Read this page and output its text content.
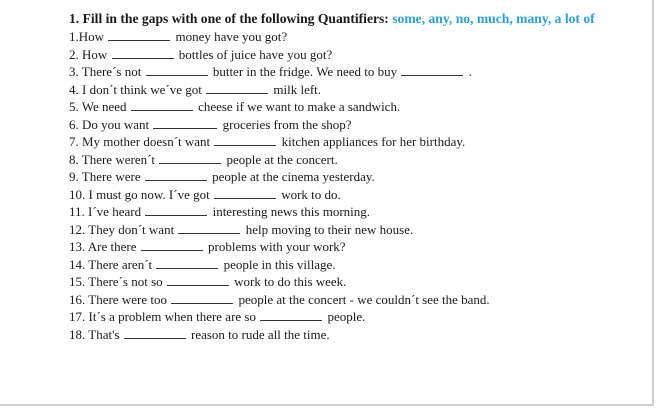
1. Fill in the gaps with one of the following Quantifiers: some, any, no, much, many, a lot of
1.How	money have you got?
2. How	bottles of juice have you got?
3. There´s not	butter in the fridge. We need to buy	.
4. I don´t think we´ve got	milk left.
5. We need	cheese if we want to make a sandwich.
6. Do you want	groceries from the shop?
7. My mother doesn´t want	kitchen appliances for her birthday.
8. There weren´t	people at the concert.
9. There were	people at the cinema yesterday.
10. I must go now. I´ve got	work to do.
11. I´ve heard	interesting news this morning.
12. They don´t want	help moving to their new house.
13. Are there	problems with your work?
14. There aren´t	people in this village.
15. There´s not so	work to do this week.
16. There were too	people at the concert - we couldn´t see the band.
17. It´s a problem when there are so	people.
18. That's	reason to rude all the time.
